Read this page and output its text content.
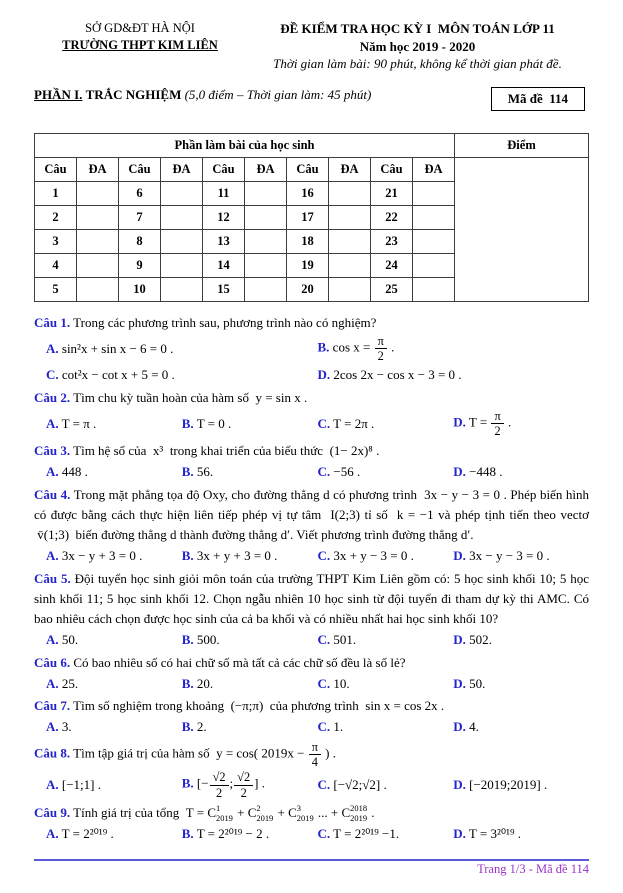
SỞ GD&ĐT HÀ NỘI
TRƯỜNG THPT KIM LIÊN
ĐỀ KIỂM TRA HỌC KỲ I  MÔN TOÁN LỚP 11
Năm học 2019 - 2020
Thời gian làm bài: 90 phút, không kể thời gian phát đề.
PHẦN I. TRẮC NGHIỆM (5,0 điểm – Thời gian làm: 45 phút)	Mã đề  114
Phần làm bài của học sinh										Điểm
Câu	ĐA	Câu	ĐA	Câu	ĐA	Câu	ĐA	Câu	ĐA	
1		6		11		16		21		
2		7		12		17		22		
3		8		13		18		23		
4		9		14		19		24		
5		10		15		20		25		
Câu 1. Trong các phương trình sau, phương trình nào có nghiệm?
A. sin²x + sin x − 6 = 0 .	B. $\cos x = \frac{\pi}{2}$ .
C. cot²x − cot x + 5 = 0 .	D. 2cos 2x − cos x − 3 = 0 .
Câu 2. Tìm chu kỳ tuần hoàn của hàm số  y = sin x .
A. T = π .	B. T = 0 .	C. T = 2π .	D. $T = \frac{\pi}{2}$ .
Câu 3. Tìm hệ số của  x³  trong khai triển của biểu thức  (1− 2x)⁸ .
A. 448 .	B. 56.	C. −56 .	D. −448 .
Câu 4. Trong mặt phẳng tọa độ Oxy, cho đường thẳng d có phương trình  3x − y − 3 = 0 . Phép biến hình có được bằng cách thực hiện liên tiếp phép vị tự tâm  I(2;3) tỉ số  k = −1 và phép tịnh tiến theo vectơ  v̄(1;3)  biến đường thẳng d thành đường thẳng d′. Viết phương trình đường thẳng d′.
A. 3x − y + 3 = 0 .	B. 3x + y + 3 = 0 .	C. 3x + y − 3 = 0 .	D. 3x − y − 3 = 0 .
Câu 5. Đội tuyển học sinh giỏi môn toán của trường THPT Kim Liên gồm có: 5 học sinh khối 10; 5 học sinh khối 11; 5 học sinh khối 12. Chọn ngẫu nhiên 10 học sinh từ đội tuyển đi tham dự kỳ thi AMC. Có bao nhiêu cách chọn được học sinh của cả ba khối và có nhiều nhất hai học sinh khối 10?
A. 50.	B. 500.	C. 501.	D. 502.
Câu 6. Có bao nhiêu số có hai chữ số mà tất cả các chữ số đều là số lẻ?
A. 25.	B. 20.	C. 10.	D. 50.
Câu 7. Tìm số nghiệm trong khoảng  (−π;π)  của phương trình  sin x = cos 2x .
A. 3.	B. 2.	C. 1.	D. 4.
Câu 8. Tìm tập giá trị của hàm số  y = cos( $2019x - \frac{\pi}{4}$ ) .
A. [−1;1] .	B. [− $\frac{√2}{2}$ ; $\frac{√2}{2}$ ] .	C. [−√2;√2] .	D. [−2019;2019] .
Câu 9. Tính giá trị của tổng  T = C 1
2019 + C 2
2019 + C 3
2019 ... + C 2018
2019 .
A. T = 2²⁰¹⁹ .	B. T = 2²⁰¹⁹ − 2 .	C. T = 2²⁰¹⁹ −1.	D. T = 3²⁰¹⁹ .
Trang 1/3 - Mã đề 114
